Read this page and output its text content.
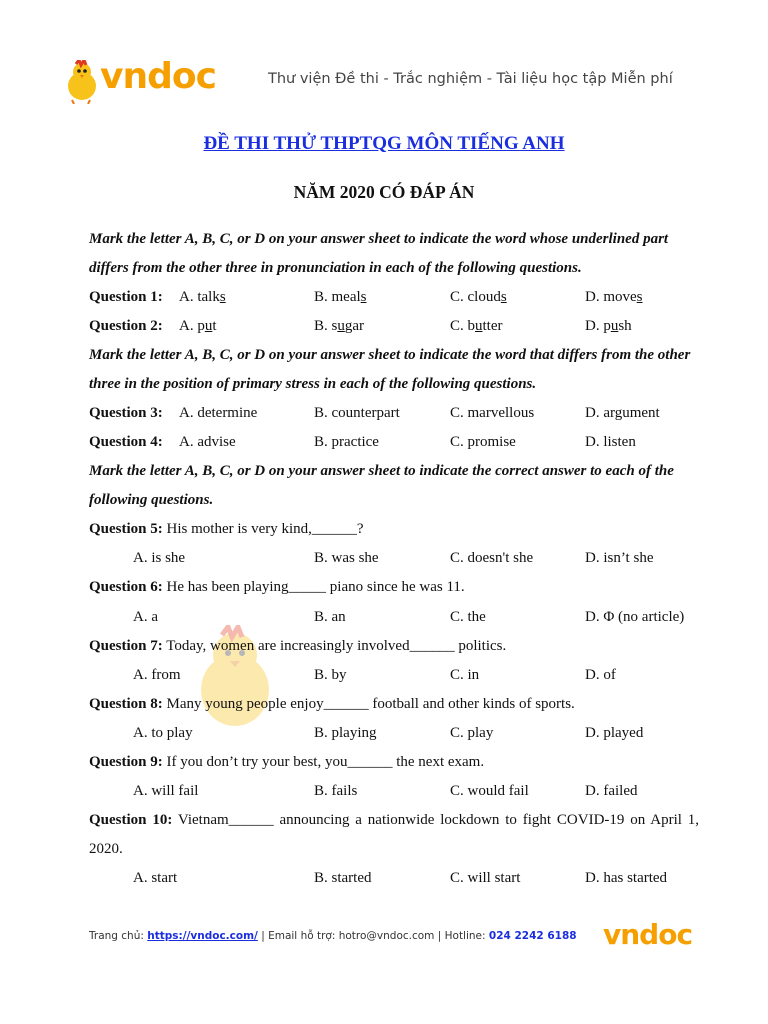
vndoc	Thư viện Đề thi - Trắc nghiệm - Tài liệu học tập Miễn phí
ĐỀ THI THỬ THPTQG MÔN TIẾNG ANH
NĂM 2020 CÓ ĐÁP ÁN
Mark the letter A, B, C, or D on your answer sheet to indicate the word whose underlined part differs from the other three in pronunciation in each of the following questions.
Question 1: A. talks	B. meals	C. clouds	D. moves
Question 2: A. put	B. sugar	C. butter	D. push
Mark the letter A, B, C, or D on your answer sheet to indicate the word that differs from the other three in the position of primary stress in each of the following questions.
Question 3: A. determine	B. counterpart	C. marvellous	D. argument
Question 4: A. advise	B. practice	C. promise	D. listen
Mark the letter A, B, C, or D on your answer sheet to indicate the correct answer to each of the following questions.
Question 5: His mother is very kind,______?
A. is she	B. was she	C. doesn't she	D. isn’t she
Question 6: He has been playing_____ piano since he was 11.
A. a	B. an	C. the	D. Φ (no article)
Question 7: Today, women are increasingly involved______ politics.
A. from	B. by	C. in	D. of
Question 8: Many young people enjoy______ football and other kinds of sports.
A. to play	B. playing	C. play	D. played
Question 9: If you don’t try your best, you______ the next exam.
A. will fail	B. fails	C. would fail	D. failed
Question 10: Vietnam______ announcing a nationwide lockdown to fight COVID-19 on April 1, 2020.
A. start	B. started	C. will start	D. has started
Trang chủ: https://vndoc.com/ | Email hỗ trợ: hotro@vndoc.com | Hotline: 024 2242 6188 vndoc
